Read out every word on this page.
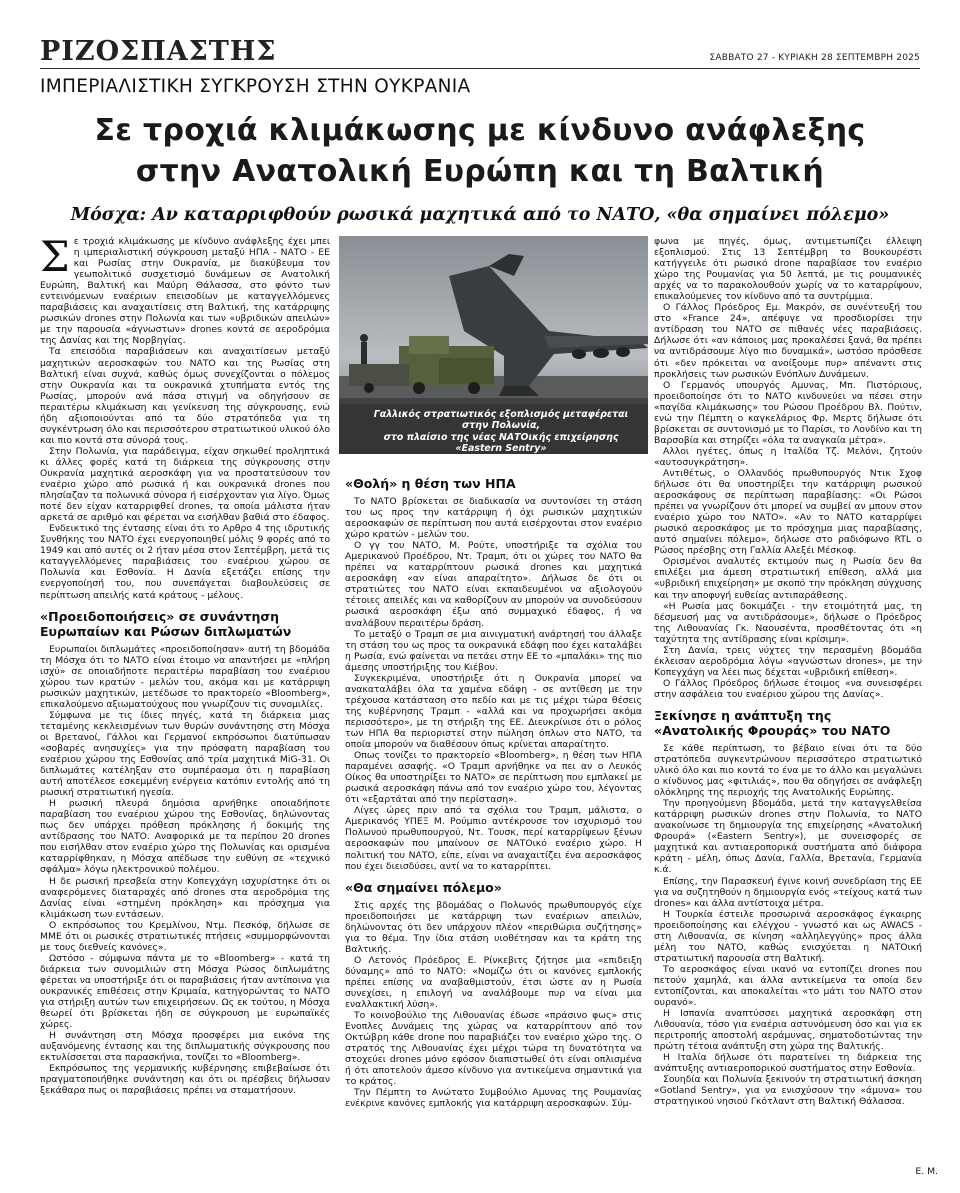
ΡΙΖΟΣΠΑΣΤΗΣ	ΣΑΒΒΑΤΟ 27 - ΚΥΡΙΑΚΗ 28 ΣΕΠΤΕΜΒΡΗ 2025
ΙΜΠΕΡΙΑΛΙΣΤΙΚΗ ΣΥΓΚΡΟΥΣΗ ΣΤΗΝ ΟΥΚΡΑΝΙΑ
Σε τροχιά κλιμάκωσης με κίνδυνο ανάφλεξης
στην Ανατολική Ευρώπη και τη Βαλτική
Μόσχα: Αν καταρριφθούν ρωσικά μαχητικά από το ΝΑΤΟ, «θα σημαίνει πόλεμο»

Σε τροχιά κλιμάκωσης με κίνδυνο ανάφλεξης έχει μπει η ιμπεριαλιστική σύγκρουση μεταξύ ΗΠΑ - ΝΑΤΟ - ΕΕ και Ρωσίας στην Ουκρανία, με διακύβευμα τον γεωπολιτικό συσχετισμό δυνάμεων σε Ανατολική Ευρώπη, Βαλτική και Μαύρη Θάλασσα, στο φόντο των εντεινόμενων εναέριων επεισοδίων με καταγγελλόμενες παραβιάσεις και αναχαιτίσεις στη Βαλτική, της κατάρριψης ρωσικών drones στην Πολωνία και των «υβριδικών απειλών» με την παρουσία «άγνωστων» drones κοντά σε αεροδρόμια της Δανίας και της Νορβηγίας.

Τα επεισόδια παραβιάσεων και αναχαιτίσεων μεταξύ μαχητικών αεροσκαφών του ΝΑΤΟ και της Ρωσίας στη Βαλτική είναι συχνά, καθώς όμως συνεχίζονται ο πόλεμος στην Ουκρανία και τα ουκρανικά χτυπήματα εντός της Ρωσίας, μπορούν ανά πάσα στιγμή να οδηγήσουν σε περαιτέρω κλιμάκωση και γενίκευση της σύγκρουσης, ενώ ήδη αξιοποιούνται από τα δύο στρατόπεδα για τη συγκέντρωση όλο και περισσότερου στρατιωτικού υλικού όλο και πιο κοντά στα σύνορά τους.

Στην Πολωνία, για παράδειγμα, είχαν σηκωθεί προληπτικά κι άλλες φορές κατά τη διάρκεια της σύγκρουσης στην Ουκρανία μαχητικά αεροσκάφη για να προστατεύσουν τον εναέριο χώρο από ρωσικά ή και ουκρανικά drones που πλησίαζαν τα πολωνικά σύνορα ή εισέρχονταν για λίγο. Όμως ποτέ δεν είχαν καταρριφθεί drones, τα οποία μάλιστα ήταν αρκετά σε αριθμό και φέρεται να εισήλθαν βαθιά στο έδαφος.

Ενδεικτικό της έντασης είναι ότι το Αρθρο 4 της ιδρυτικής Συνθήκης του ΝΑΤΟ έχει ενεργοποιηθεί μόλις 9 φορές από το 1949 και από αυτές οι 2 ήταν μέσα στον Σεπτέμβρη, μετά τις καταγγελλόμενες παραβιάσεις του εναέριου χώρου σε Πολωνία και Εσθονία. Η Δανία εξετάζει επίσης την ενεργοποίησή του, που συνεπάγεται διαβουλεύσεις σε περίπτωση απειλής κατά κράτους - μέλους.

«Προειδοποιήσεις» σε συνάντηση Ευρωπαίων και Ρώσων διπλωματών

Ευρωπαίοι διπλωμάτες «προειδοποίησαν» αυτή τη βδομάδα τη Μόσχα ότι το ΝΑΤΟ είναι έτοιμο να απαντήσει με «πλήρη ισχύ» σε οποιαδήποτε περαιτέρω παραβίαση του εναέριου χώρου των κρατών - μελών του, ακόμα και με κατάρριψη ρωσικών μαχητικών, μετέδωσε το πρακτορείο «Bloomberg», επικαλούμενο αξιωματούχους που γνωρίζουν τις συνομιλίες.

Σύμφωνα με τις ίδιες πηγές, κατά τη διάρκεια μιας τεταμένης κεκλεισμένων των θυρών συνάντησης στη Μόσχα οι Βρετανοί, Γάλλοι και Γερμανοί εκπρόσωποι διατύπωσαν «σοβαρές ανησυχίες» για την πρόσφατη παραβίαση του εναέριου χώρου της Εσθονίας από τρία μαχητικά MiG-31. Οι διπλωμάτες κατέληξαν στο συμπέρασμα ότι η παραβίαση αυτή αποτέλεσε εσκεμμένη ενέργεια κατόπιν εντολής από τη ρωσική στρατιωτική ηγεσία.

Η ρωσική πλευρά δημόσια αρνήθηκε οποιαδήποτε παραβίαση του εναέριου χώρου της Εσθονίας, δηλώνοντας πως δεν υπάρχει πρόθεση πρόκλησης ή δοκιμής της αντίδρασης του ΝΑΤΟ. Αναφορικά με τα περίπου 20 drones που εισήλθαν στον εναέριο χώρο της Πολωνίας και ορισμένα καταρρίφθηκαν, η Μόσχα απέδωσε την ευθύνη σε «τεχνικό σφάλμα» λόγω ηλεκτρονικού πολέμου.

Η δε ρωσική πρεσβεία στην Κοπεγχάγη ισχυρίστηκε ότι οι αναφερόμενες διαταραχές από drones στα αεροδρόμια της Δανίας είναι «στημένη πρόκληση» και πρόσχημα για κλιμάκωση των εντάσεων.

Ο εκπρόσωπος του Κρεμλίνου, Ντμ. Πεσκόφ, δήλωσε σε ΜΜΕ ότι οι ρωσικές στρατιωτικές πτήσεις «συμμορφώνονται με τους διεθνείς κανόνες».

Ωστόσο - σύμφωνα πάντα με το «Bloomberg» - κατά τη διάρκεια των συνομιλιών στη Μόσχα Ρώσος διπλωμάτης φέρεται να υποστήριξε ότι οι παραβιάσεις ήταν αντίποινα για ουκρανικές επιθέσεις στην Κριμαία, κατηγορώντας το ΝΑΤΟ για στήριξη αυτών των επιχειρήσεων. Ως εκ τούτου, η Μόσχα θεωρεί ότι βρίσκεται ήδη σε σύγκρουση με ευρωπαϊκές χώρες.

Η συνάντηση στη Μόσχα προσφέρει μια εικόνα της αυξανόμενης έντασης και της διπλωματικής σύγκρουσης που εκτυλίσσεται στα παρασκήνια, τονίζει το «Bloomberg».

Εκπρόσωπος της γερμανικής κυβέρνησης επιβεβαίωσε ότι πραγματοποιήθηκε συνάντηση και ότι οι πρέσβεις δήλωσαν ξεκάθαρα πως οι παραβιάσεις πρέπει να σταματήσουν.

Γαλλικός στρατιωτικός εξοπλισμός μεταφέρεται στην Πολωνία,
στο πλαίσιο της νέας ΝΑΤΟικής επιχείρησης «Eastern Sentry»
«Θολή» η θέση των ΗΠΑ

Το ΝΑΤΟ βρίσκεται σε διαδικασία να συντονίσει τη στάση του ως προς την κατάρριψη ή όχι ρωσικών μαχητικών αεροσκαφών σε περίπτωση που αυτά εισέρχονται στον εναέριο χώρο κρατών - μελών του.

Ο γγ του ΝΑΤΟ, Μ. Ρούτε, υποστήριξε τα σχόλια του Αμερικανού Προέδρου, Ντ. Τραμπ, ότι οι χώρες του ΝΑΤΟ θα πρέπει να καταρρίπτουν ρωσικά drones και μαχητικά αεροσκάφη «αν είναι απαραίτητο». Δήλωσε δε ότι οι στρατιώτες του ΝΑΤΟ είναι εκπαιδευμένοι να αξιολογούν τέτοιες απειλές και να καθορίζουν αν μπορούν να συνοδεύσουν ρωσικά αεροσκάφη έξω από συμμαχικό έδαφος, ή να αναλάβουν περαιτέρω δράση.

Το μεταξύ ο Τραμπ σε μια αινιγματική ανάρτησή του άλλαξε τη στάση του ως προς τα ουκρανικά εδάφη που έχει καταλάβει η Ρωσία, ενώ φαίνεται να πετάει στην ΕΕ το «μπαλάκι» της πιο άμεσης υποστήριξης του Κιέβου.

Συγκεκριμένα, υποστήριξε ότι η Ουκρανία μπορεί να ανακαταλάβει όλα τα χαμένα εδάφη - σε αντίθεση με την τρέχουσα κατάσταση στο πεδίο και με τις μέχρι τώρα θέσεις της κυβέρνησης Τραμπ - «αλλά και να προχωρήσει ακόμα περισσότερο», με τη στήριξη της ΕΕ. Διευκρίνισε ότι ο ρόλος των ΗΠΑ θα περιοριστεί στην πώληση όπλων στο ΝΑΤΟ, τα οποία μπορούν να διαθέσουν όπως κρίνεται απαραίτητο.

Οπως τονίζει το πρακτορείο «Bloomberg», η θέση των ΗΠΑ παραμένει ασαφής. «Ο Τραμπ αρνήθηκε να πει αν ο Λευκός Οίκος θα υποστηρίξει το ΝΑΤΟ» σε περίπτωση που εμπλακεί με ρωσικά αεροσκάφη πάνω από τον εναέριο χώρο του, λέγοντας ότι «εξαρτάται από την περίσταση».

Λίγες ώρες πριν από τα σχόλια του Τραμπ, μάλιστα, ο Αμερικανός ΥΠΕΞ Μ. Ρούμπιο αντέκρουσε τον ισχυρισμό του Πολωνού πρωθυπουργού, Ντ. Τουσκ, περί καταρρίψεων ξένων αεροσκαφών που μπαίνουν σε ΝΑΤΟικό εναέριο χώρο. Η πολιτική του ΝΑΤΟ, είπε, είναι να αναχαιτίζει ένα αεροσκάφος που έχει διεισδύσει, αντί να το καταρρίπτει.

«Θα σημαίνει πόλεμο»

Στις αρχές της βδομάδας ο Πολωνός πρωθυπουργός είχε προειδοποιήσει με κατάρριψη των εναέριων απειλών, δηλώνοντας ότι δεν υπάρχουν πλέον «περιθώρια συζήτησης» για το θέμα. Την ίδια στάση υιοθέτησαν και τα κράτη της Βαλτικής.

Ο Λετονός Πρόεδρος Ε. Ρίνκεβιτς ζήτησε μια «επιδειξη δύναμης» από το ΝΑΤΟ: «Νομίζω ότι οι κανόνες εμπλοκής πρέπει επίσης να αναβαθμιστούν, έτσι ώστε αν η Ρωσία συνεχίσει, η επιλογή να αναλάβουμε πυρ να είναι μια εναλλακτική λύση».

Το κοινοβούλιο της Λιθουανίας έδωσε «πράσινο φως» στις Ενοπλες Δυνάμεις της χώρας να καταρρίπτουν από τον Οκτώβρη κάθε drone που παραβιάζει τον εναέριο χώρο της. Ο στρατός της Λιθουανίας έχει μέχρι τώρα τη δυνατότητα να στοχεύει drones μόνο εφόσον διαπιστωθεί ότι είναι οπλισμένα ή ότι αποτελούν άμεσο κίνδυνο για αντικείμενα σημαντικά για το κράτος.

Την Πέμπτη το Ανώτατο Συμβούλιο Αμυνας της Ρουμανίας ενέκρινε κανόνες εμπλοκής για κατάρριψη αεροσκαφών. Σύμ-

φωνα με πηγές, όμως, αντιμετωπίζει έλλειψη εξοπλισμού. Στις 13 Σεπτέμβρη το Βουκουρέστι κατήγγειλε ότι ρωσικό drone παραβίασε τον εναέριο χώρο της Ρουμανίας για 50 λεπτά, με τις ρουμανικές αρχές να το παρακολουθούν χωρίς να το καταρρίψουν, επικαλούμενες τον κίνδυνο από τα συντρίμμια.

Ο Γάλλος Πρόεδρος Εμ. Μακρόν, σε συνέντευξή του στο «France 24», απέφυγε να προσδιορίσει την αντίδραση του ΝΑΤΟ σε πιθανές νέες παραβιάσεις. Δήλωσε ότι «αν κάποιος μας προκαλέσει ξανά, θα πρέπει να αντιδράσουμε λίγο πιο δυναμικά», ωστόσο πρόσθεσε ότι «δεν πρόκειται να ανοίξουμε πυρ» απέναντι στις προκλήσεις των ρωσικών Ενόπλων Δυνάμεων.

Ο Γερμανός υπουργός Αμυνας, Μπ. Πιστόριους, προειδοποίησε ότι το ΝΑΤΟ κινδυνεύει να πέσει στην «παγίδα κλιμάκωσης» του Ρώσου Προέδρου Βλ. Πούτιν, ενώ την Πέμπτη ο καγκελάριος Φρ. Μερτς δήλωσε ότι βρίσκεται σε συντονισμό με το Παρίσι, το Λονδίνο και τη Βαρσοβία και στηρίζει «όλα τα αναγκαία μέτρα».

Αλλοι ηγέτες, όπως η Ιταλίδα Τζ. Μελόνι, ζητούν «αυτοσυγκράτηση».

Αντιθέτως, ο Ολλανδός πρωθυπουργός Ντικ Σχοφ δήλωσε ότι θα υποστηρίξει την κατάρριψη ρωσικού αεροσκάφους σε περίπτωση παραβίασης: «Οι Ρώσοι πρέπει να γνωρίζουν ότι μπορεί να συμβεί αν μπουν στον εναέριο χώρο του ΝΑΤΟ». «Αν το ΝΑΤΟ καταρρίψει ρωσικό αεροσκάφος με το πρόσχημα μιας παραβίασης, αυτό σημαίνει πόλεμο», δήλωσε στο ραδιόφωνο RTL ο Ρώσος πρέσβης στη Γαλλία Αλεξέι Μέσκοφ.

Ορισμένοι αναλυτές εκτιμούν πως η Ρωσία δεν θα επιλέξει μια άμεση στρατιωτική επίθεση, αλλά μια «υβριδική επιχείρηση» με σκοπό την πρόκληση σύγχυσης και την αποφυγή ευθείας αντιπαράθεσης.

«Η Ρωσία μας δοκιμάζει - την ετοιμότητά μας, τη δέσμευσή μας να αντιδράσουμε», δήλωσε ο Πρόεδρος της Λιθουανίας Γκ. Ναουσέντα, προσθέτοντας ότι «η ταχύτητα της αντίδρασης είναι κρίσιμη».

Στη Δανία, τρεις νύχτες την περασμένη βδομάδα έκλεισαν αεροδρόμια λόγω «αγνώστων drones», με την Κοπεγχάγη να λέει πως δέχεται «υβριδική επίθεση».

Ο Γάλλος Πρόεδρος δήλωσε έτοιμος «να συνεισφέρει στην ασφάλεια του εναέριου χώρου της Δανίας».

Ξεκίνησε η ανάπτυξη της «Ανατολικής Φρουράς» του ΝΑΤΟ

Σε κάθε περίπτωση, το βέβαιο είναι ότι τα δύο στρατόπεδα συγκεντρώνουν περισσότερο στρατιωτικό υλικό όλο και πιο κοντά το ένα με το άλλο και μεγαλώνει ο κίνδυνος μας «φιτιλιάς», που θα οδηγήσει σε ανάφλεξη ολόκληρης της περιοχής της Ανατολικής Ευρώπης.

Την προηγούμενη βδομάδα, μετά την καταγγελθείσα κατάρριψη ρωσικών drones στην Πολωνία, το ΝΑΤΟ ανακοίνωσε τη δημιουργία της επιχείρησης «Ανατολική Φρουρά» («Eastern Sentry»), με συνεισφορές σε μαχητικά και αντιαεροπορικά συστήματα από διάφορα κράτη - μέλη, όπως Δανία, Γαλλία, Βρετανία, Γερμανία κ.ά.

Επίσης, την Παρασκευή έγινε κοινή συνεδρίαση της ΕΕ για να συζητηθούν η δημιουργία ενός «τείχους κατά των drones» και άλλα αντίστοιχα μέτρα.

Η Τουρκία έστειλε προσωρινά αεροσκάφος έγκαιρης προειδοποίησης και ελέγχου - γνωστό και ως AWACS - στη Λιθουανία, σε κίνηση «αλληλεγγύης» προς άλλα μέλη του ΝΑΤΟ, καθώς ενισχύεται η ΝΑΤΟική στρατιωτική παρουσία στη Βαλτική.

Το αεροσκάφος είναι ικανό να εντοπίζει drones που πετούν χαμηλά, και άλλα αντικείμενα τα οποία δεν εντοπίζονται, και αποκαλείται «το μάτι του ΝΑΤΟ στον ουρανό».

Η Ισπανία αναπτύσσει μαχητικά αεροσκάφη στη Λιθουανία, τόσο για εναέρια αστυνόμευση όσο και για εκ περιτροπής αποστολή αεράμυνας, σηματοδοτώντας την πρώτη τέτοια ανάπτυξη στη χώρα της Βαλτικής.

Η Ιταλία δήλωσε ότι παρατείνει τη διάρκεια της ανάπτυξης αντιαεροπορικού συστήματος στην Εσθονία.

Σουηδία και Πολωνία ξεκινούν τη στρατιωτική άσκηση «Gotland Sentry», για να ενισχύσουν την «άμυνα» του στρατηγικού νησιού Γκότλαντ στη Βαλτική Θάλασσα.

Ε. Μ.
